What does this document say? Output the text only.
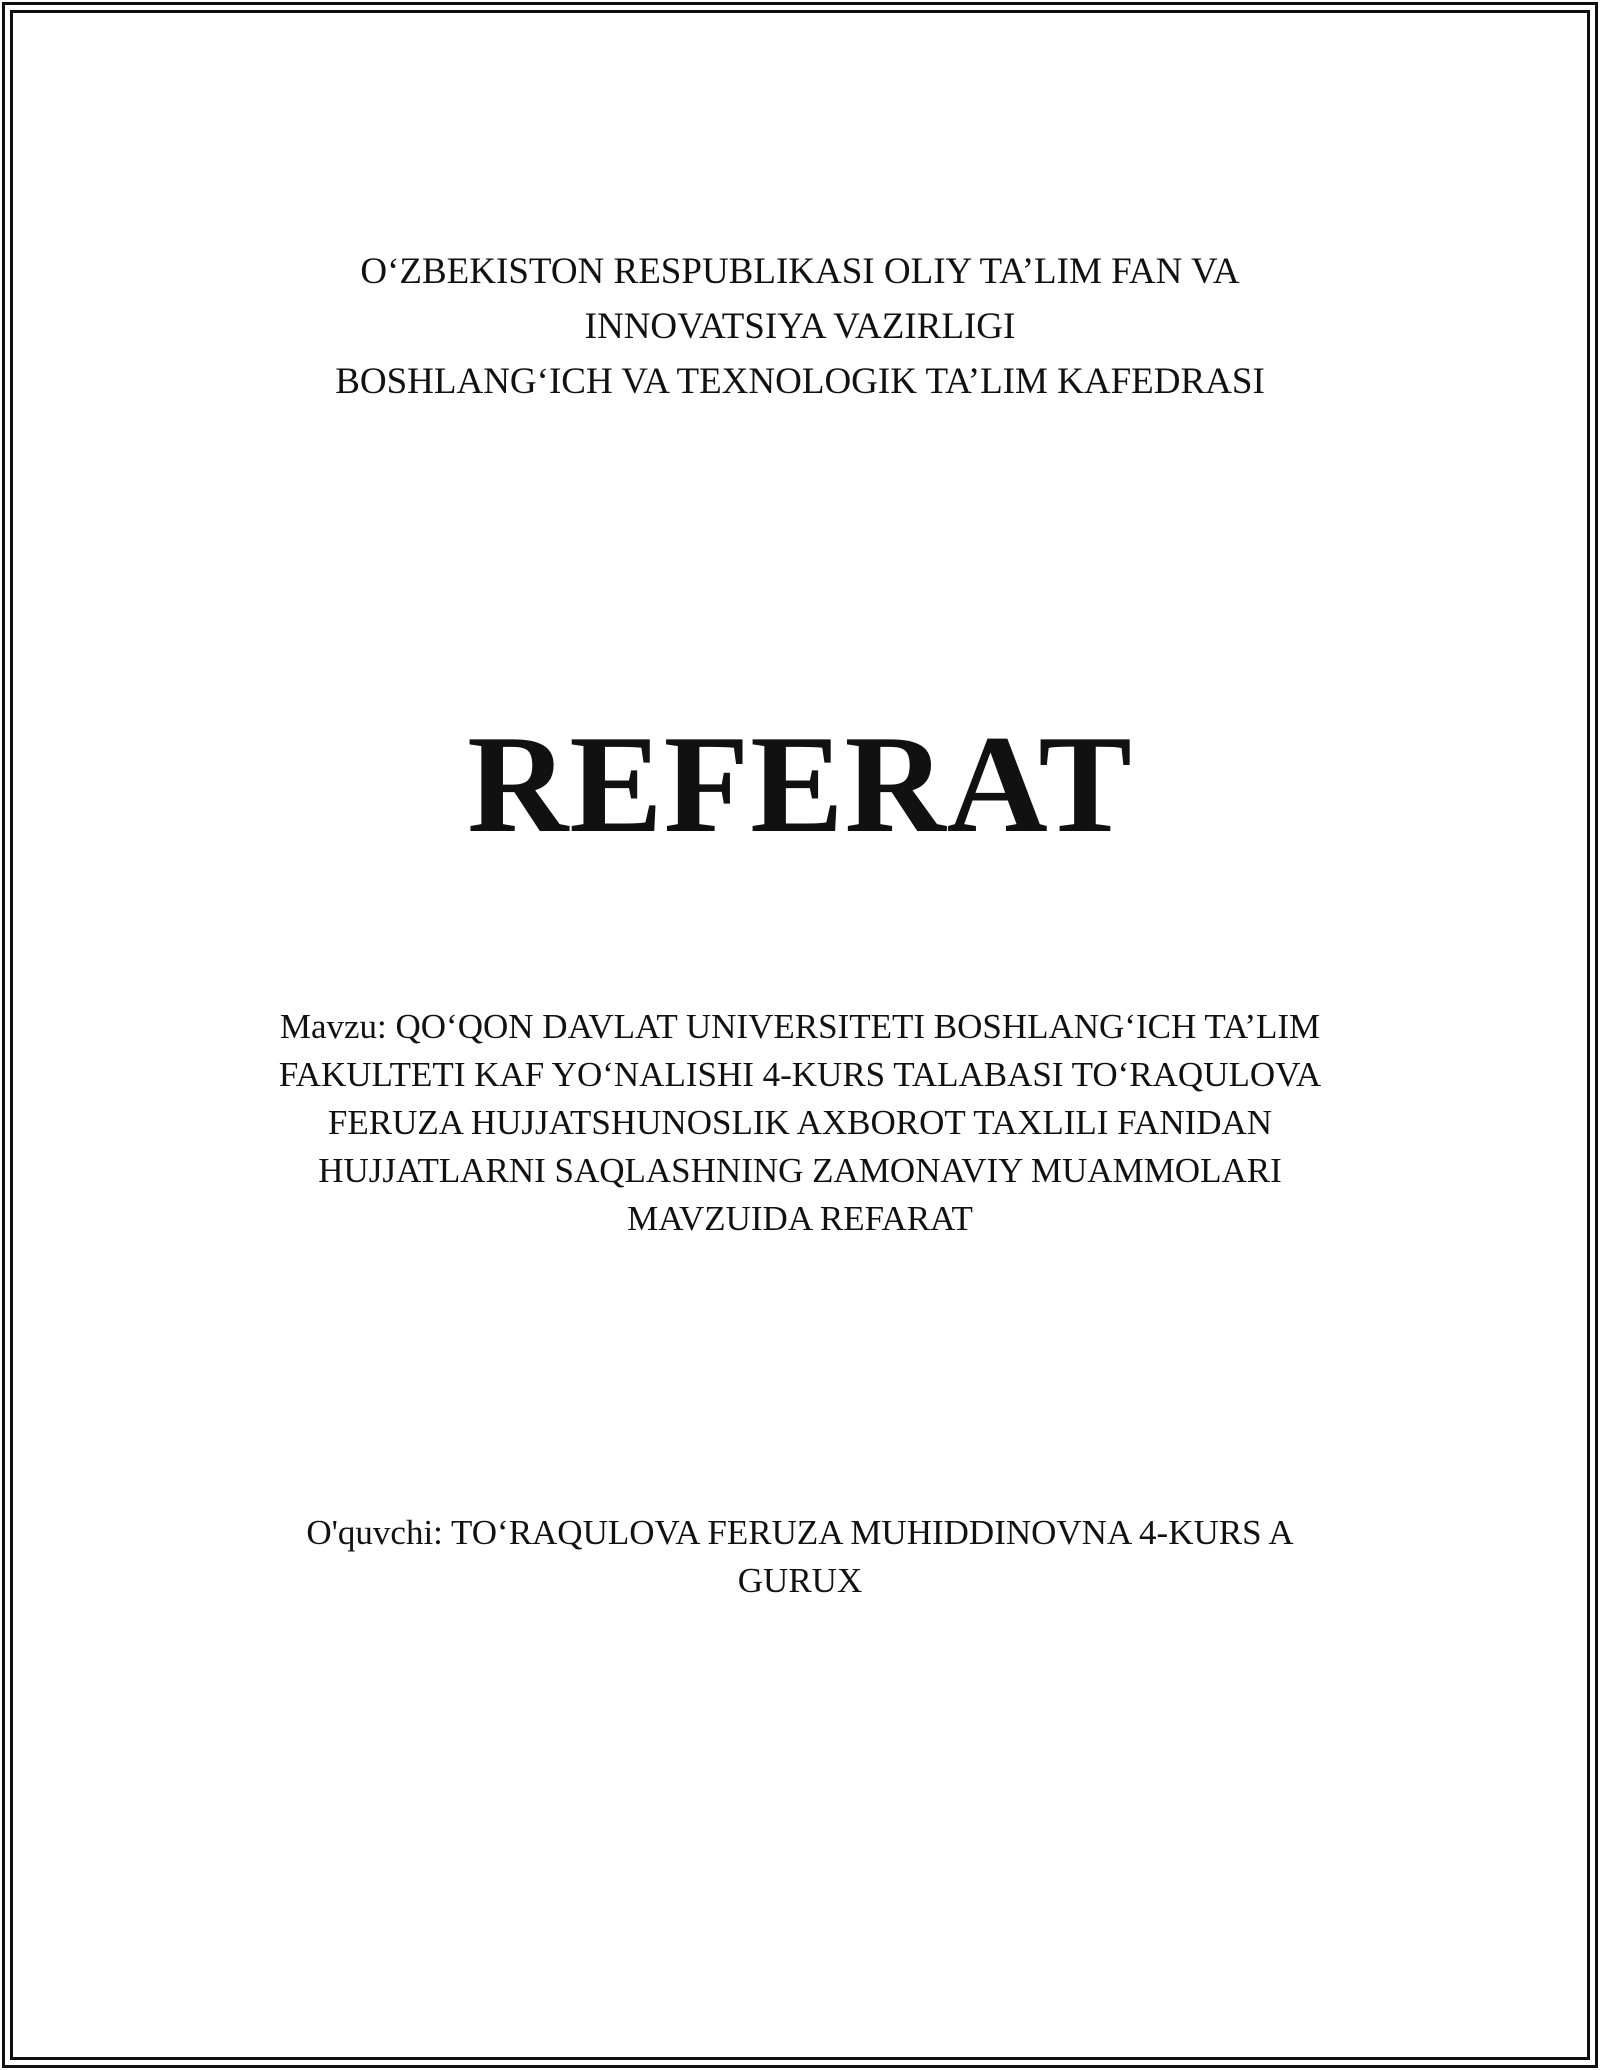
O‘ZBEKISTON RESPUBLIKASI OLIY TA’LIM FAN VA
INNOVATSIYA VAZIRLIGI
BOSHLANG‘ICH VA TEXNOLOGIK TA’LIM KAFEDRASI
REFERAT
Mavzu: QO‘QON DAVLAT UNIVERSITETI BOSHLANG‘ICH TA’LIM
FAKULTETI KAF YO‘NALISHI 4-KURS TALABASI TO‘RAQULOVA
FERUZA HUJJATSHUNOSLIK AXBOROT TAXLILI FANIDAN
HUJJATLARNI SAQLASHNING ZAMONAVIY MUAMMOLARI
MAVZUIDA REFARAT
O'quvchi: TO‘RAQULOVA FERUZA MUHIDDINOVNA 4-KURS A
GURUX
